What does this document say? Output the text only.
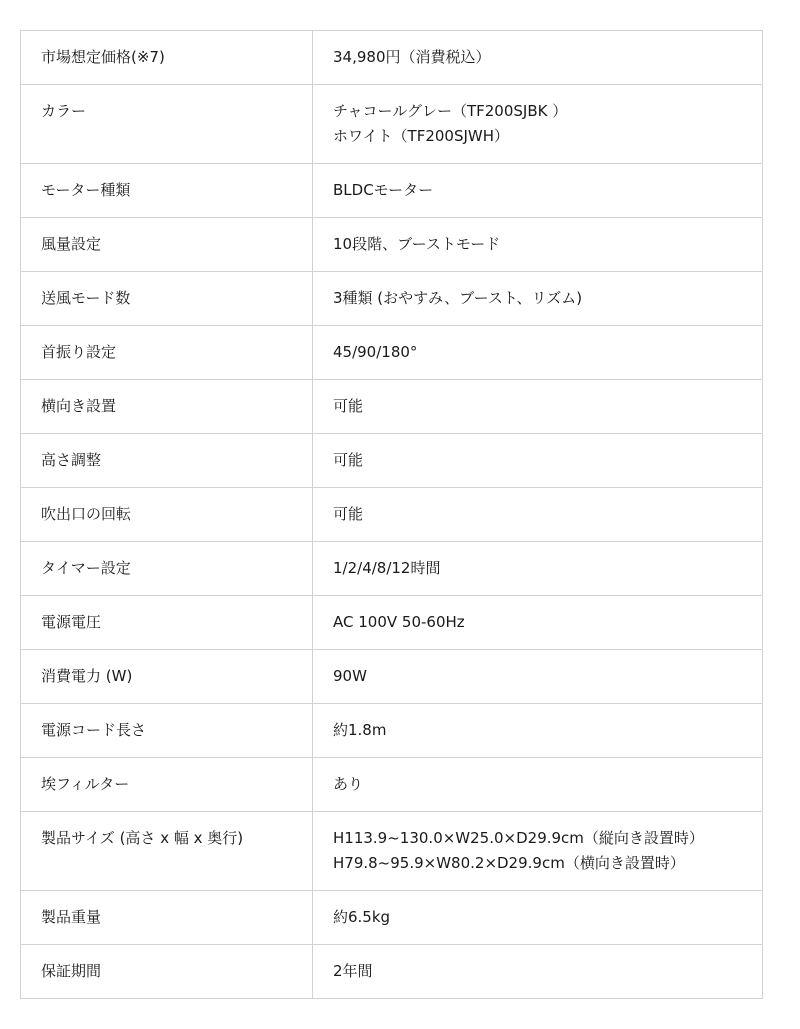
市場想定価格(※7)	34,980円（消費税込）

カラー	チャコールグレー（TF200SJBK ）
ホワイト（TF200SJWH）

モーター種類	BLDCモーター

風量設定	10段階、ブーストモード

送風モード数	3種類 (おやすみ、ブースト、リズム)

首振り設定	45/90/180°

横向き設置	可能

高さ調整	可能

吹出口の回転	可能

タイマー設定	1/2/4/8/12時間

電源電圧	AC 100V 50-60Hz

消費電力 (W)	90W

電源コード長さ	約1.8m

埃フィルター	あり

製品サイズ (高さ x 幅 x 奥行)	H113.9~130.0×W25.0×D29.9cm（縦向き設置時）
H79.8~95.9×W80.2×D29.9cm（横向き設置時）

製品重量	約6.5kg

保証期間	2年間
